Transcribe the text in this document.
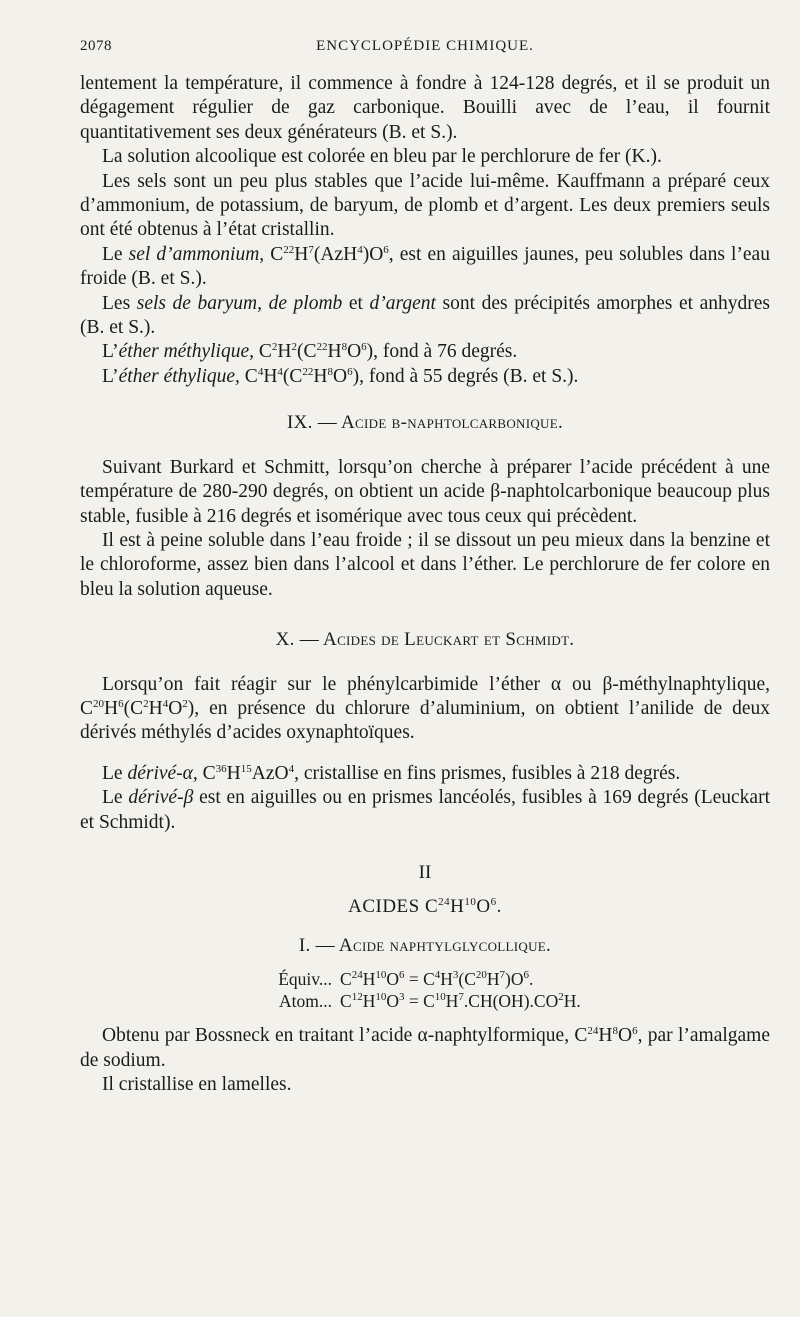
2078	ENCYCLOPÉDIE CHIMIQUE.

lentement la température, il commence à fondre à 124-128 degrés, et il se produit un dégagement régulier de gaz carbonique. Bouilli avec de l’eau, il fournit quantitativement ses deux générateurs (B. et S.).

La solution alcoolique est colorée en bleu par le perchlorure de fer (K.).

Les sels sont un peu plus stables que l’acide lui-même. Kauffmann a préparé ceux d’ammonium, de potassium, de baryum, de plomb et d’argent. Les deux premiers seuls ont été obtenus à l’état cristallin.

Le sel d’ammonium, $C^{22}H^7(AzH^4)O^6$, est en aiguilles jaunes, peu solubles dans l’eau froide (B. et S.).

Les sels de baryum, de plomb et d’argent sont des précipités amorphes et anhydres (B. et S.).

L’éther méthylique, $C^2H^2(C^{22}H^8O^6)$, fond à 76 degrés.

L’éther éthylique, $C^4H^4(C^{22}H^8O^6)$, fond à 55 degrés (B. et S.).

IX. — Acide β-naphtolcarbonique.

Suivant Burkard et Schmitt, lorsqu’on cherche à préparer l’acide précédent à une température de 280-290 degrés, on obtient un acide β-naphtolcarbonique beaucoup plus stable, fusible à 216 degrés et isomérique avec tous ceux qui précèdent.

Il est à peine soluble dans l’eau froide ; il se dissout un peu mieux dans la benzine et le chloroforme, assez bien dans l’alcool et dans l’éther. Le perchlorure de fer colore en bleu la solution aqueuse.

X. — Acides de Leuckart et Schmidt.

Lorsqu’on fait réagir sur le phénylcarbimide l’éther α ou β-méthylnaphtylique, $C^{20}H^6(C^2H^4O^2)$, en présence du chlorure d’aluminium, on obtient l’anilide de deux dérivés méthylés d’acides oxynaphtoïques.

Le dérivé-α, $C^{36}H^{15}AzO^4$, cristallise en fins prismes, fusibles à 218 degrés.

Le dérivé-β est en aiguilles ou en prismes lancéolés, fusibles à 169 degrés (Leuckart et Schmidt).

II
ACIDES $C^{24}H^{10}O^6$.
I. — Acide naphtylglycollique.
Équiv... $C^{24}H^{10}O^6 = C^4H^3(C^{20}H^7)O^6$.
Atom... $C^{12}H^{10}O^3 = C^{10}H^7.CH(OH).CO^2H$.

Obtenu par Bossneck en traitant l’acide α-naphtylformique, $C^{24}H^8O^6$, par l’amalgame de sodium.

Il cristallise en lamelles.
